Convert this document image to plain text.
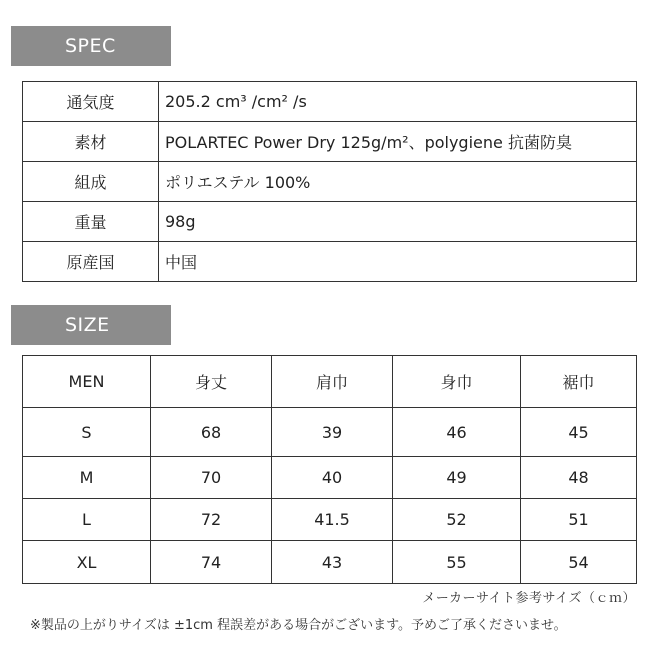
SPEC
通気度	205.2 cm³ /cm² /s
素材	POLARTEC Power Dry 125g/m²、polygiene 抗菌防臭
組成	ポリエステル 100%
重量	98g
原産国	中国
SIZE
MEN	身丈	肩巾	身巾	裾巾
S	68	39	46	45
M	70	40	49	48
L	72	41.5	52	51
XL	74	43	55	54
メーカーサイト参考サイズ（ｃｍ）
※製品の上がりサイズは ±1cm 程誤差がある場合がございます。予めご了承くださいませ。
